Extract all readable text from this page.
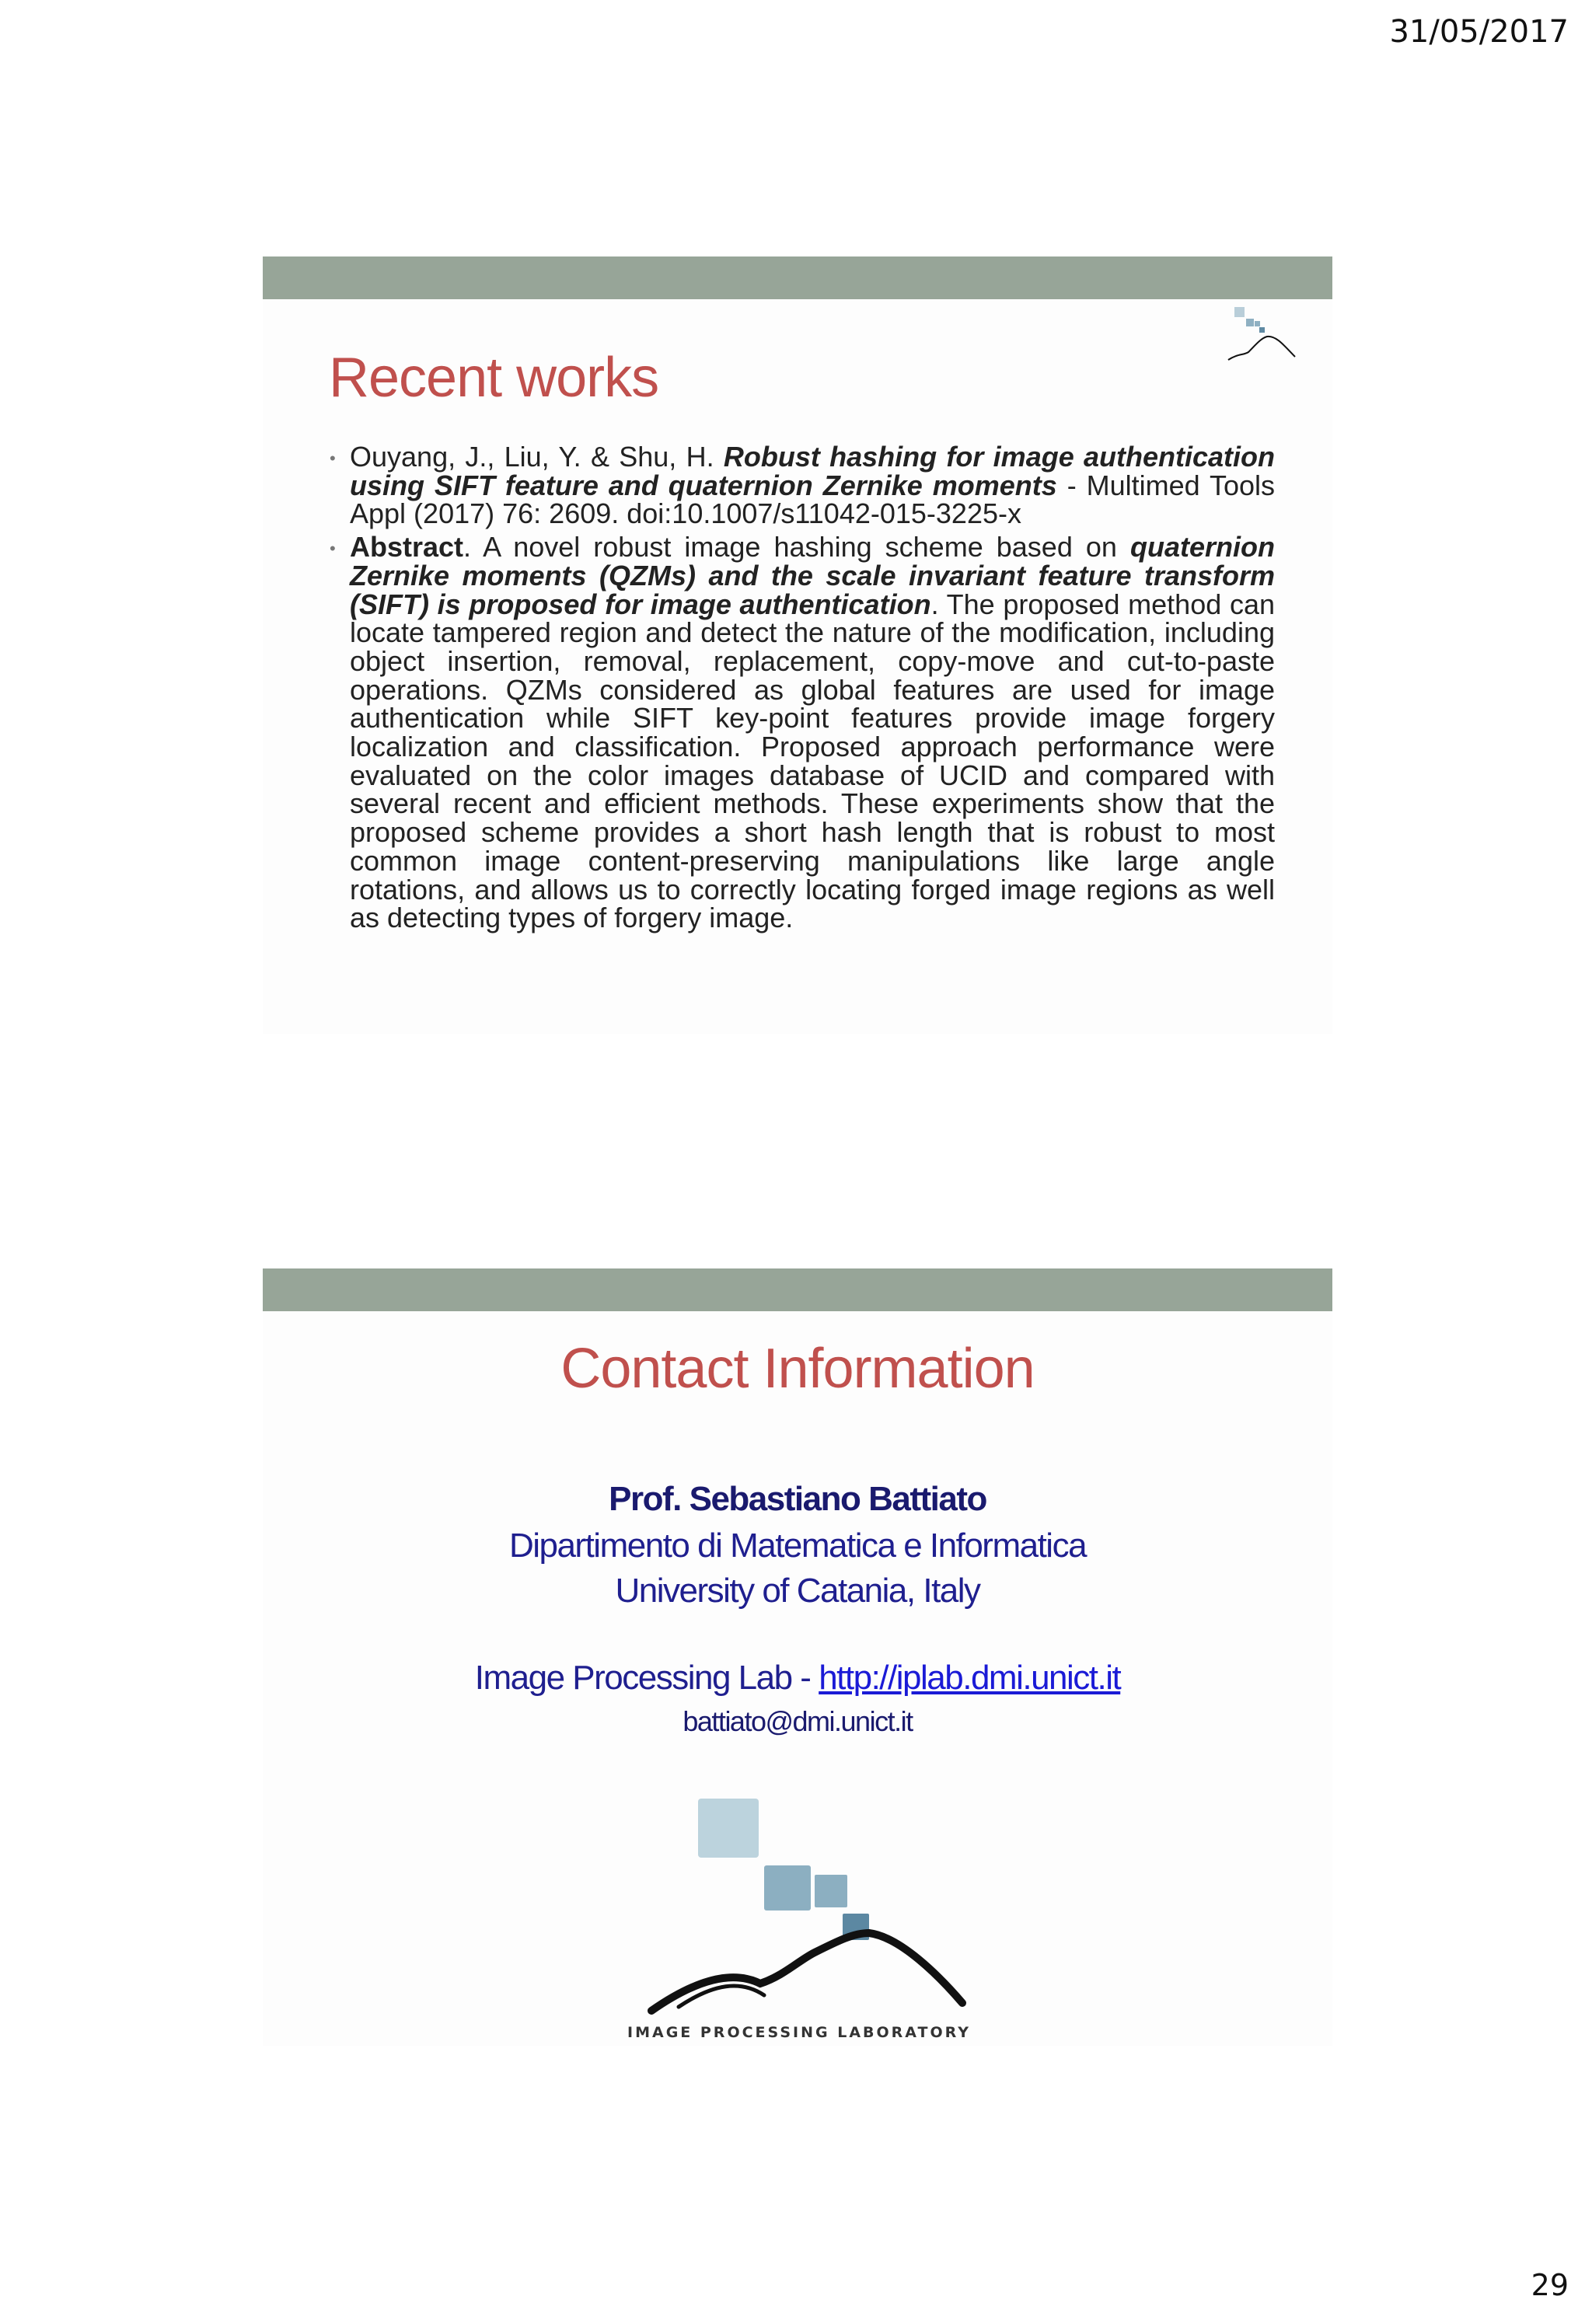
31/05/2017
Recent works
• Ouyang, J., Liu, Y. & Shu, H. Robust hashing for image authentication using SIFT feature and quaternion Zernike moments - Multimed Tools Appl (2017) 76: 2609. doi:10.1007/s11042-015-3225-x
• Abstract. A novel robust image hashing scheme based on quaternion Zernike moments (QZMs) and the scale invariant feature transform (SIFT) is proposed for image authentication. The proposed method can locate tampered region and detect the nature of the modification, including object insertion, removal, replacement, copy-move and cut-to-paste operations. QZMs considered as global features are used for image authentication while SIFT key-point features provide image forgery localization and classification. Proposed approach performance were evaluated on the color images database of UCID and compared with several recent and efficient methods. These experiments show that the proposed scheme provides a short hash length that is robust to most common image content-preserving manipulations like large angle rotations, and allows us to correctly locating forged image regions as well as detecting types of forgery image.
Contact Information
Prof. Sebastiano Battiato
Dipartimento di Matematica e Informatica
University of Catania, Italy
Image Processing Lab - http://iplab.dmi.unict.it
battiato@dmi.unict.it
IMAGE PROCESSING LABORATORY
29
